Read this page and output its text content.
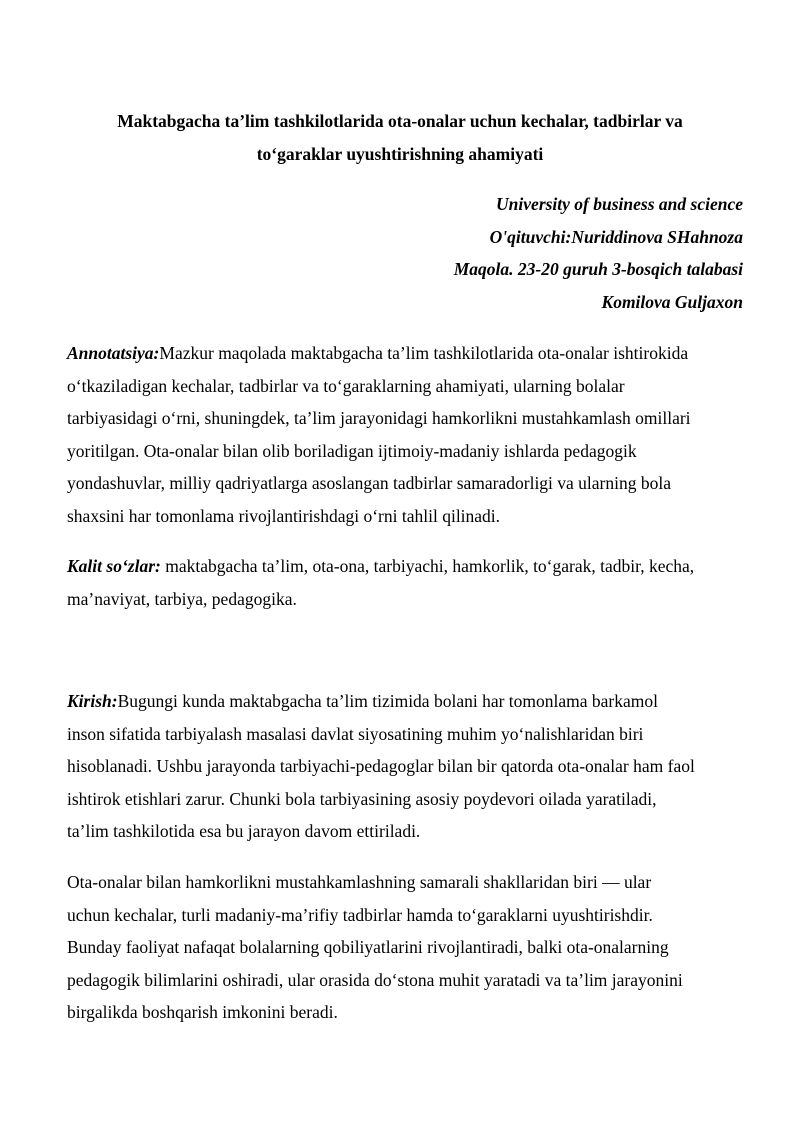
Maktabgacha ta’lim tashkilotlarida ota-onalar uchun kechalar, tadbirlar va
to‘garaklar uyushtirishning ahamiyati
University of business and science
O'qituvchi:Nuriddinova SHahnoza
Maqola. 23-20 guruh 3-bosqich talabasi
Komilova Guljaxon
Annotatsiya:Mazkur maqolada maktabgacha ta’lim tashkilotlarida ota-onalar ishtirokida
o‘tkaziladigan kechalar, tadbirlar va to‘garaklarning ahamiyati, ularning bolalar
tarbiyasidagi o‘rni, shuningdek, ta’lim jarayonidagi hamkorlikni mustahkamlash omillari
yoritilgan. Ota-onalar bilan olib boriladigan ijtimoiy-madaniy ishlarda pedagogik
yondashuvlar, milliy qadriyatlarga asoslangan tadbirlar samaradorligi va ularning bola
shaxsini har tomonlama rivojlantirishdagi o‘rni tahlil qilinadi.
Kalit so‘zlar: maktabgacha ta’lim, ota-ona, tarbiyachi, hamkorlik, to‘garak, tadbir, kecha,
ma’naviyat, tarbiya, pedagogika.
Kirish:Bugungi kunda maktabgacha ta’lim tizimida bolani har tomonlama barkamol
inson sifatida tarbiyalash masalasi davlat siyosatining muhim yo‘nalishlaridan biri
hisoblanadi. Ushbu jarayonda tarbiyachi-pedagoglar bilan bir qatorda ota-onalar ham faol
ishtirok etishlari zarur. Chunki bola tarbiyasining asosiy poydevori oilada yaratiladi,
ta’lim tashkilotida esa bu jarayon davom ettiriladi.
Ota-onalar bilan hamkorlikni mustahkamlashning samarali shakllaridan biri — ular
uchun kechalar, turli madaniy-ma’rifiy tadbirlar hamda to‘garaklarni uyushtirishdir.
Bunday faoliyat nafaqat bolalarning qobiliyatlarini rivojlantiradi, balki ota-onalarning
pedagogik bilimlarini oshiradi, ular orasida do‘stona muhit yaratadi va ta’lim jarayonini
birgalikda boshqarish imkonini beradi.
